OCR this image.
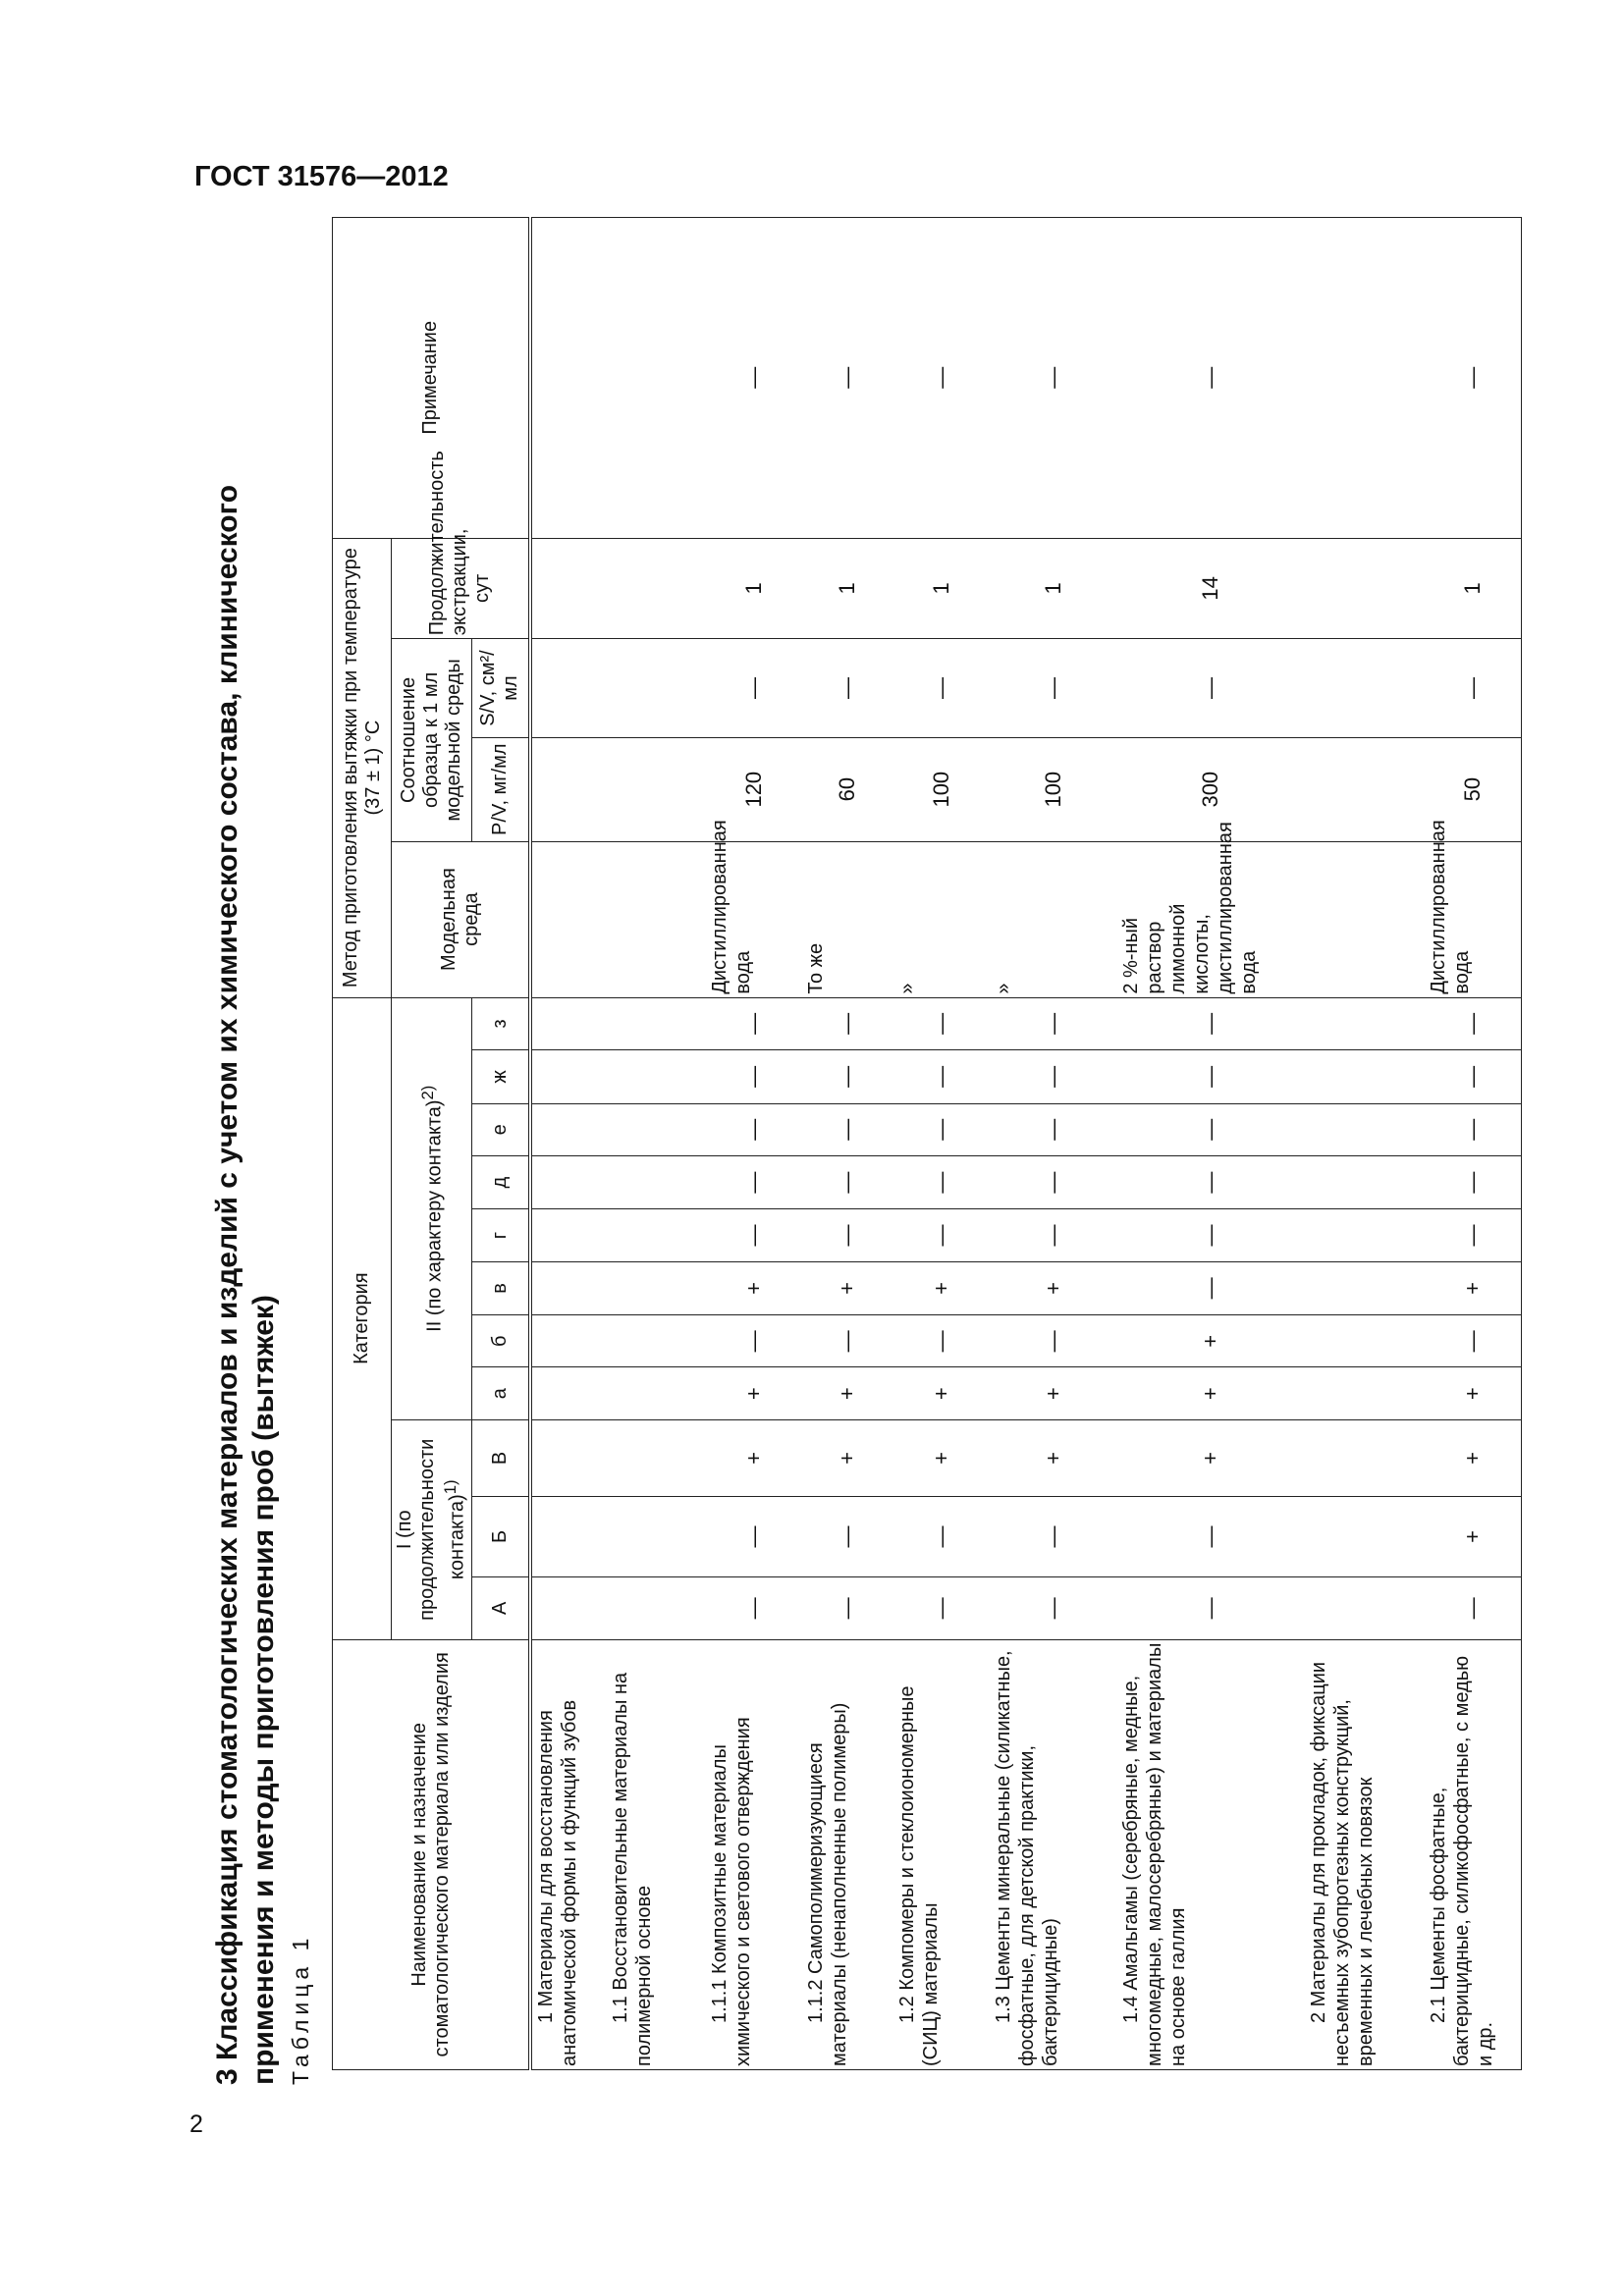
ГОСТ 31576—2012

3 Классификация стоматологических материалов и изделий с учетом их химического состава, клинического применения и методы приготовления проб (вытяжек) Таблица 1

Наименование и назначение стоматологического материала или изделия	Категория											Метод приготовления вытяжки при температуре (37 ± 1) °С				Примечание
	I (по продолжительности контакта)$^{1)}$			II (по характеру контакта)$^{2)}$								Модельная среда	Соотношение образца к 1 мл модельной среды		Продолжительность экстракции, сут	
	А	Б	В	а	б	в	г	д	е	ж	з		P/V, мг/мл	S/V, см²/мл		
1 Материалы для восстановления анатомической формы и функций зубов																
1.1 Восстановительные материалы на полимерной основе																
1.1.1 Композитные материалы химического и светового отверждения	—	—	+	+	—	+	—	—	—	—	—	Дистиллированная вода	120	—	1	—
1.1.2 Самополимеризующиеся материалы (ненаполненные полимеры)	—	—	+	+	—	+	—	—	—	—	—	То же	60	—	1	—
1.2 Компомеры и стеклоиономерные (СИЦ) материалы	—	—	+	+	—	+	—	—	—	—	—	»	100	—	1	—
1.3 Цементы минеральные (силикатные, фосфатные, для детской практики, бактерицидные)	—	—	+	+	—	+	—	—	—	—	—	»	100	—	1	—
1.4 Амальгамы (серебряные, медные, многомедные, малосеребряные) и материалы на основе галлия	—	—	+	+	+	—	—	—	—	—	—	2 %-ный раствор лимонной кислоты, дистиллированная вода	300	—	14	—
2 Материалы для прокладок, фиксации несъемных зубопротезных конструкций, временных и лечебных повязок																
2.1 Цементы фосфатные, бактерицидные, силикофосфатные, с медью и др.	—	+	+	+	—	+	—	—	—	—	—	Дистиллированная вода	50	—	1	—

2
